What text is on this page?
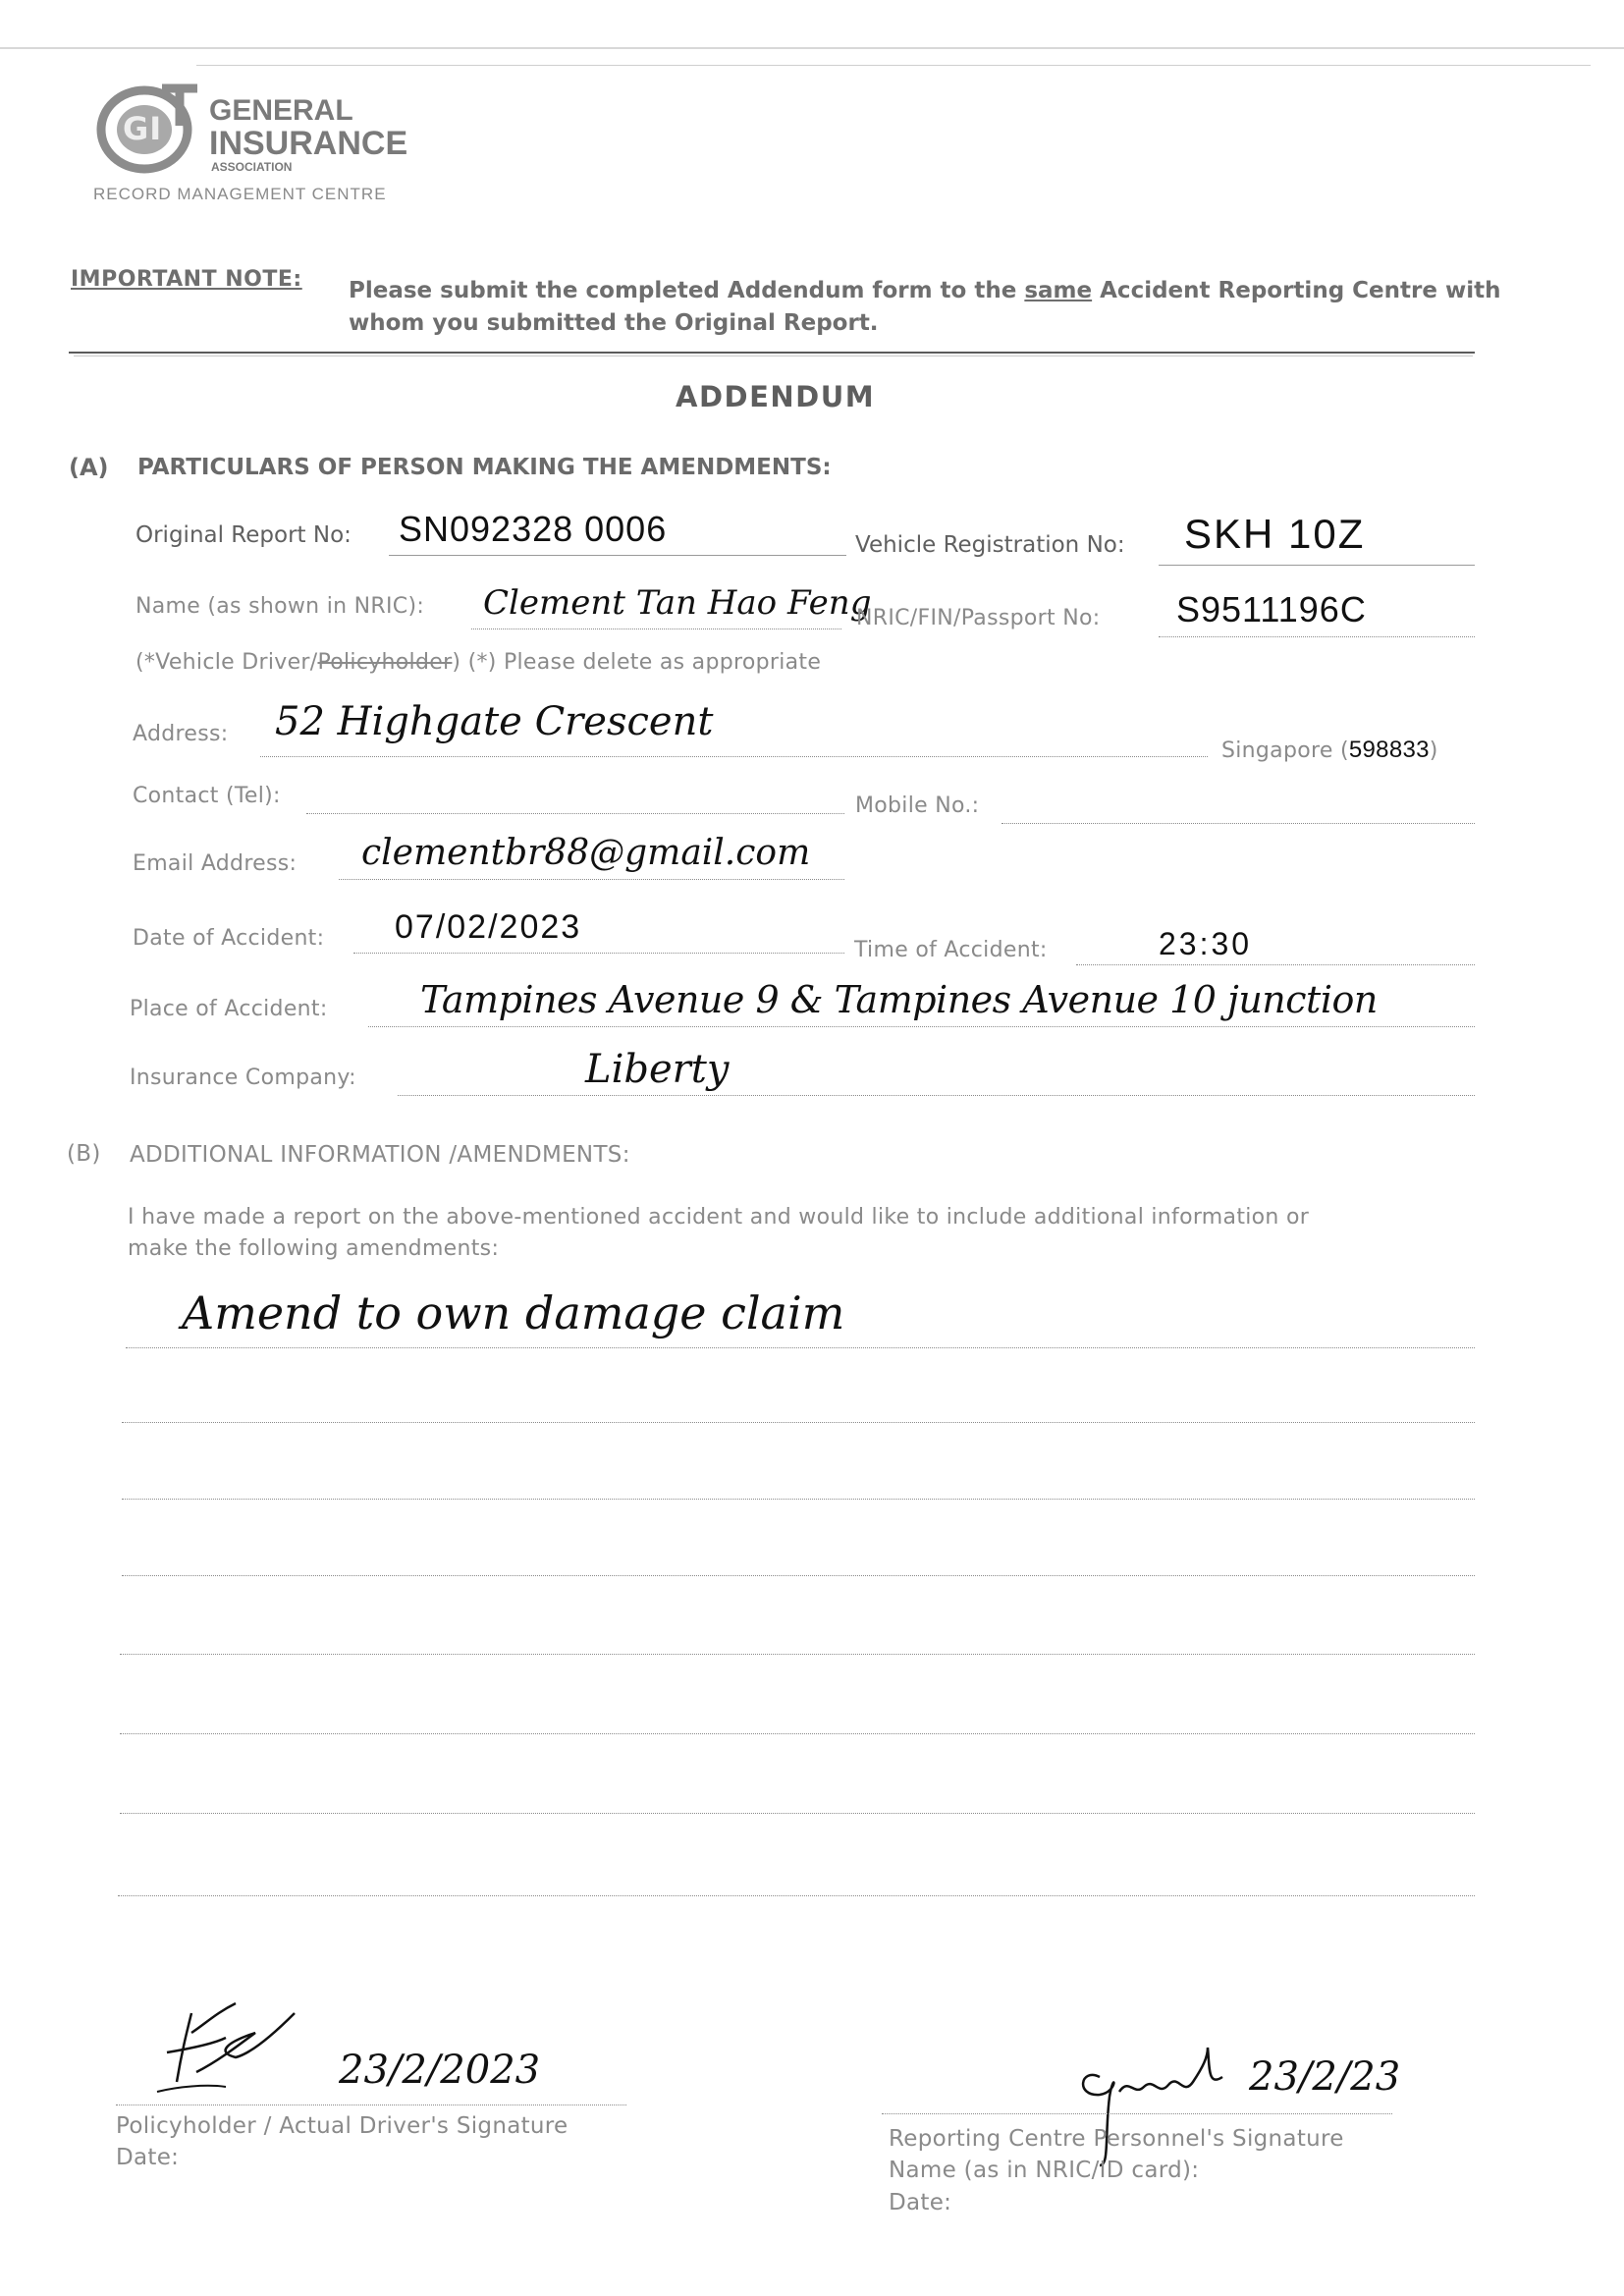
GI GENERAL
INSURANCE
ASSOCIATION
RECORD MANAGEMENT CENTRE
IMPORTANT NOTE: Please submit the completed Addendum form to the same Accident Reporting Centre with
whom you submitted the Original Report.
ADDENDUM
(A) PARTICULARS OF PERSON MAKING THE AMENDMENTS:
Original Report No: SN092328 0006	Vehicle Registration No: SKH 10Z
Name (as shown in NRIC): Clement Tan Hao Feng
NRIC/FIN/Passport No: S9511196C
(*Vehicle Driver/Policyholder) (*) Please delete as appropriate
Address: 52 Highgate Crescent
Singapore (598833)
Contact (Tel):	Mobile No.:
Email Address: clementbr88@gmail.com
Date of Accident: 07/02/2023
Time of Accident:	23:30
Place of Accident: Tampines Avenue 9 & Tampines Avenue 10 junction
Insurance Company:	Liberty
(B) ADDITIONAL INFORMATION /AMENDMENTS:
I have made a report on the above-mentioned accident and would like to include additional information or
make the following amendments:
Amend to own damage claim
23/2/2023
Policyholder / Actual Driver's Signature
Date:
23/2/23
Reporting Centre Personnel's Signature
Name (as in NRIC/ID card):
Date:
